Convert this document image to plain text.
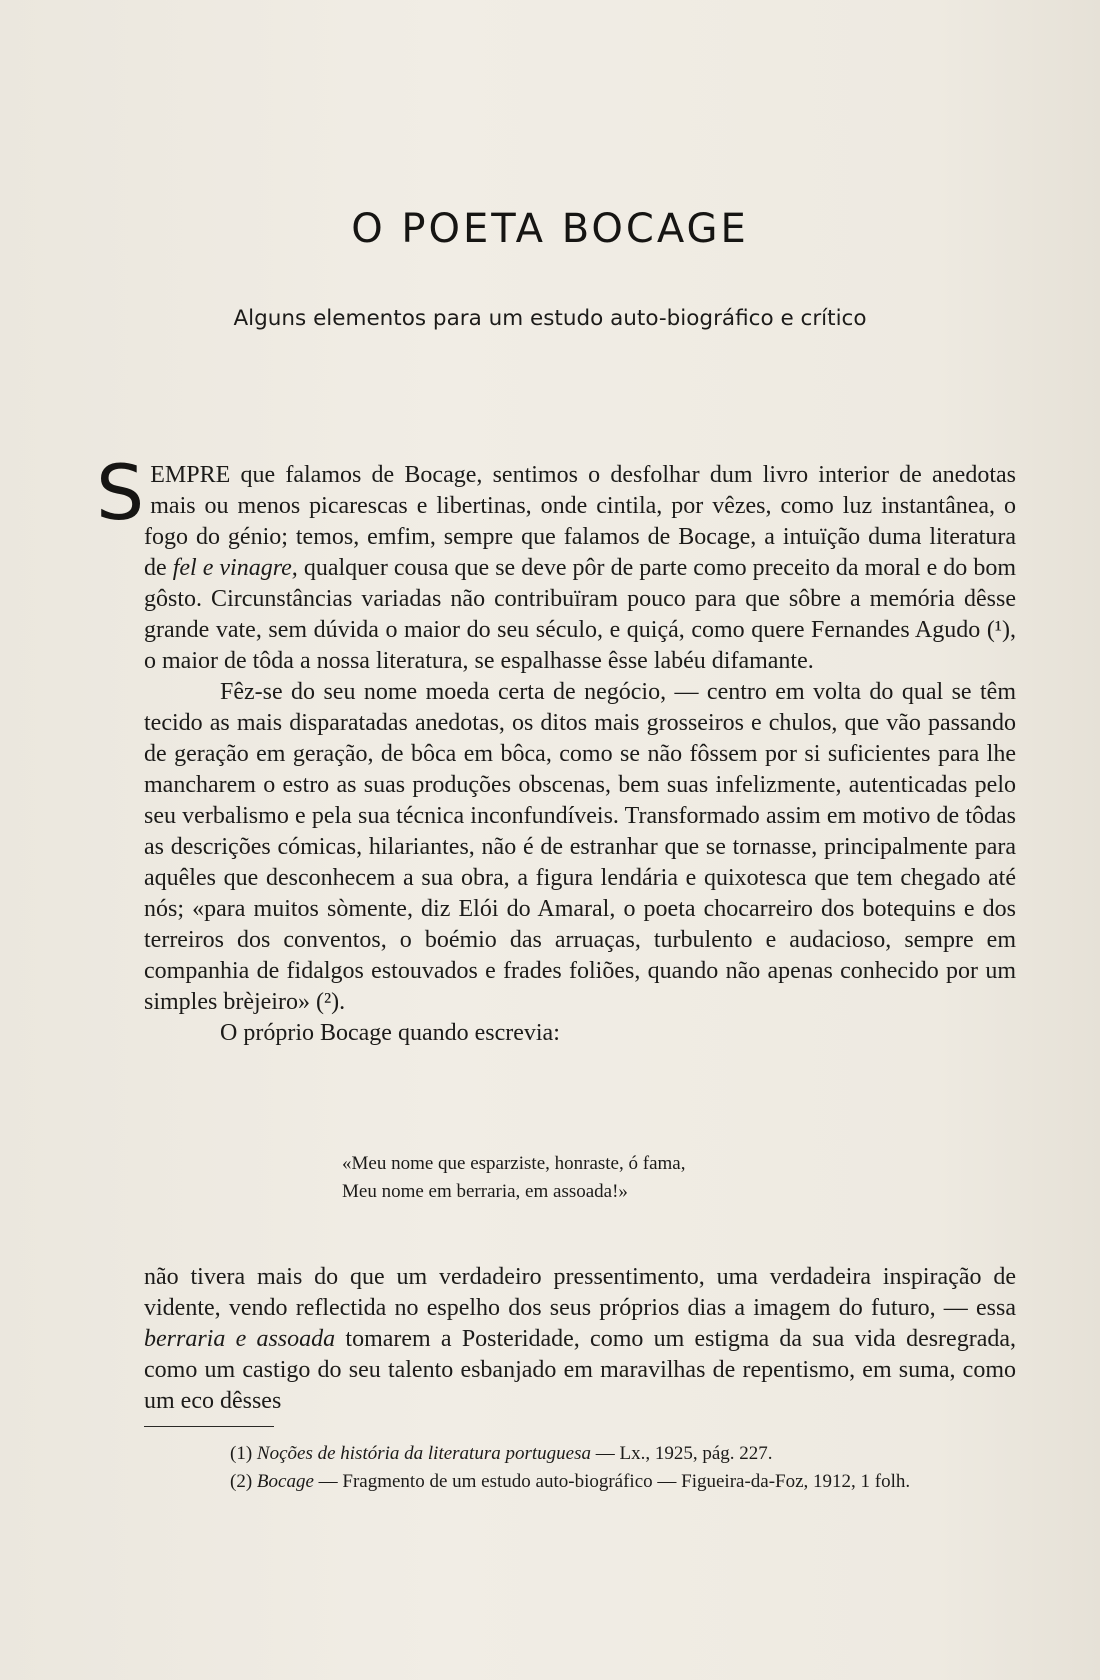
O POETA BOCAGE
Alguns elementos para um estudo auto-biográfico e crítico

SEMPRE que falamos de Bocage, sentimos o desfolhar dum livro interior de anedotas mais ou menos picarescas e libertinas, onde cintila, por vêzes, como luz instantânea, o fogo do génio; temos, emfim, sempre que falamos de Bocage, a intuïção duma literatura de fel e vinagre, qualquer cousa que se deve pôr de parte como preceito da moral e do bom gôsto. Circunstâncias variadas não contribuïram pouco para que sôbre a memória dêsse grande vate, sem dúvida o maior do seu século, e quiçá, como quere Fernandes Agudo (¹), o maior de tôda a nossa literatura, se espalhasse êsse labéu difamante.

Fêz-se do seu nome moeda certa de negócio, — centro em volta do qual se têm tecido as mais disparatadas anedotas, os ditos mais grosseiros e chulos, que vão passando de geração em geração, de bôca em bôca, como se não fôssem por si suficientes para lhe mancharem o estro as suas produções obscenas, bem suas infelizmente, autenticadas pelo seu verbalismo e pela sua técnica inconfundíveis. Transformado assim em motivo de tôdas as descrições cómicas, hilariantes, não é de estranhar que se tornasse, principalmente para aquêles que desconhecem a sua obra, a figura lendária e quixotesca que tem chegado até nós; «para muitos sòmente, diz Elói do Amaral, o poeta chocarreiro dos botequins e dos terreiros dos conventos, o boémio das arruaças, turbulento e audacioso, sempre em companhia de fidalgos estouvados e frades foliões, quando não apenas conhecido por um simples brèjeiro» (²).

O próprio Bocage quando escrevia:

«Meu nome que esparziste, honraste, ó fama,
Meu nome em berraria, em assoada!»

não tivera mais do que um verdadeiro pressentimento, uma verdadeira inspiração de vidente, vendo reflectida no espelho dos seus próprios dias a imagem do futuro, — essa berraria e assoada tomarem a Posteridade, como um estigma da sua vida desregrada, como um castigo do seu talento esbanjado em maravilhas de repentismo, em suma, como um eco dêsses

(1) Noções de história da literatura portuguesa — Lx., 1925, pág. 227.

(2) Bocage — Fragmento de um estudo auto-biográfico — Figueira-da-Foz, 1912, 1 folh.
